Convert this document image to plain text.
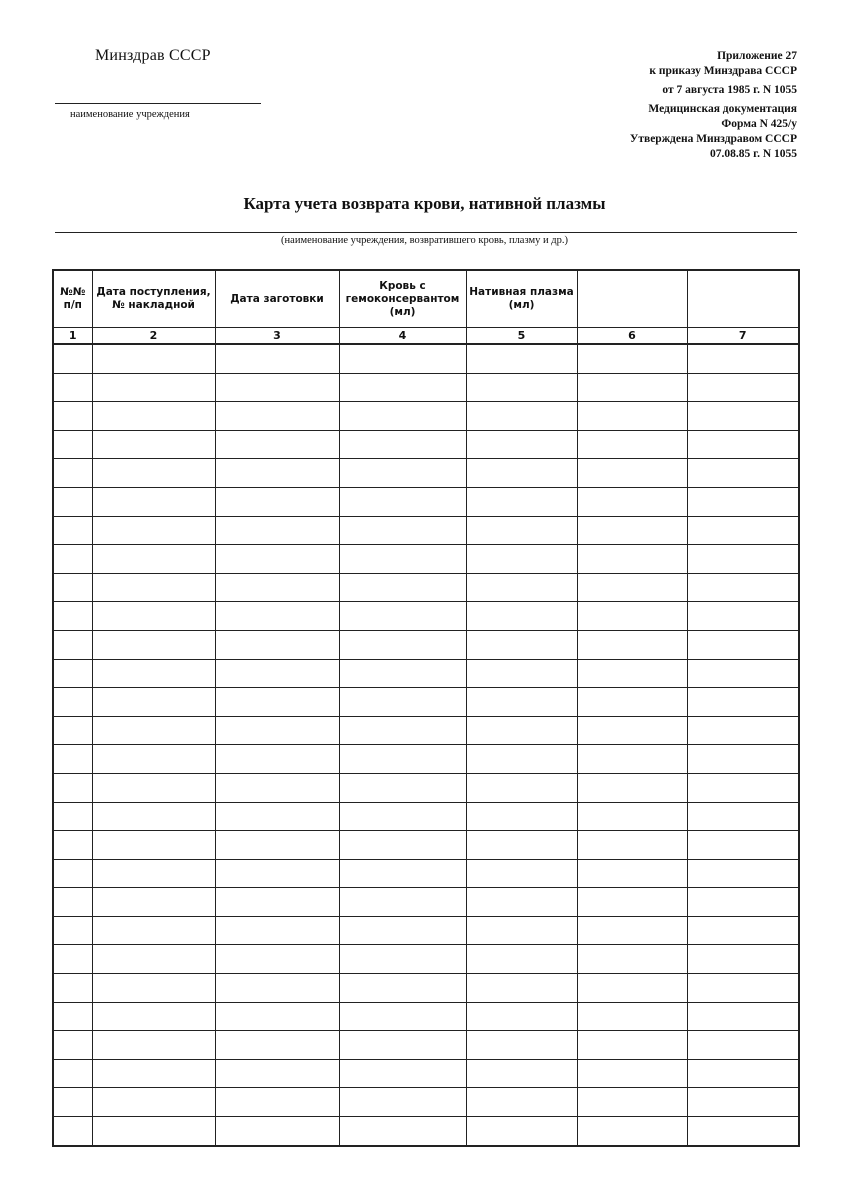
Минздрав СССР
наименование учреждения
Приложение 27
к приказу Минздрава СССР
от 7 августа 1985 г. N 1055
Медицинская документация
Форма N 425/у
Утверждена Минздравом СССР
07.08.85 г. N 1055
Карта учета возврата крови, нативной плазмы
(наименование учреждения, возвратившего кровь, плазму и др.)
№№ п/п	Дата поступления, № накладной	Дата заготовки	Кровь с гемоконсервантом (мл)	Нативная плазма (мл)		
1	2	3	4	5	6	7
